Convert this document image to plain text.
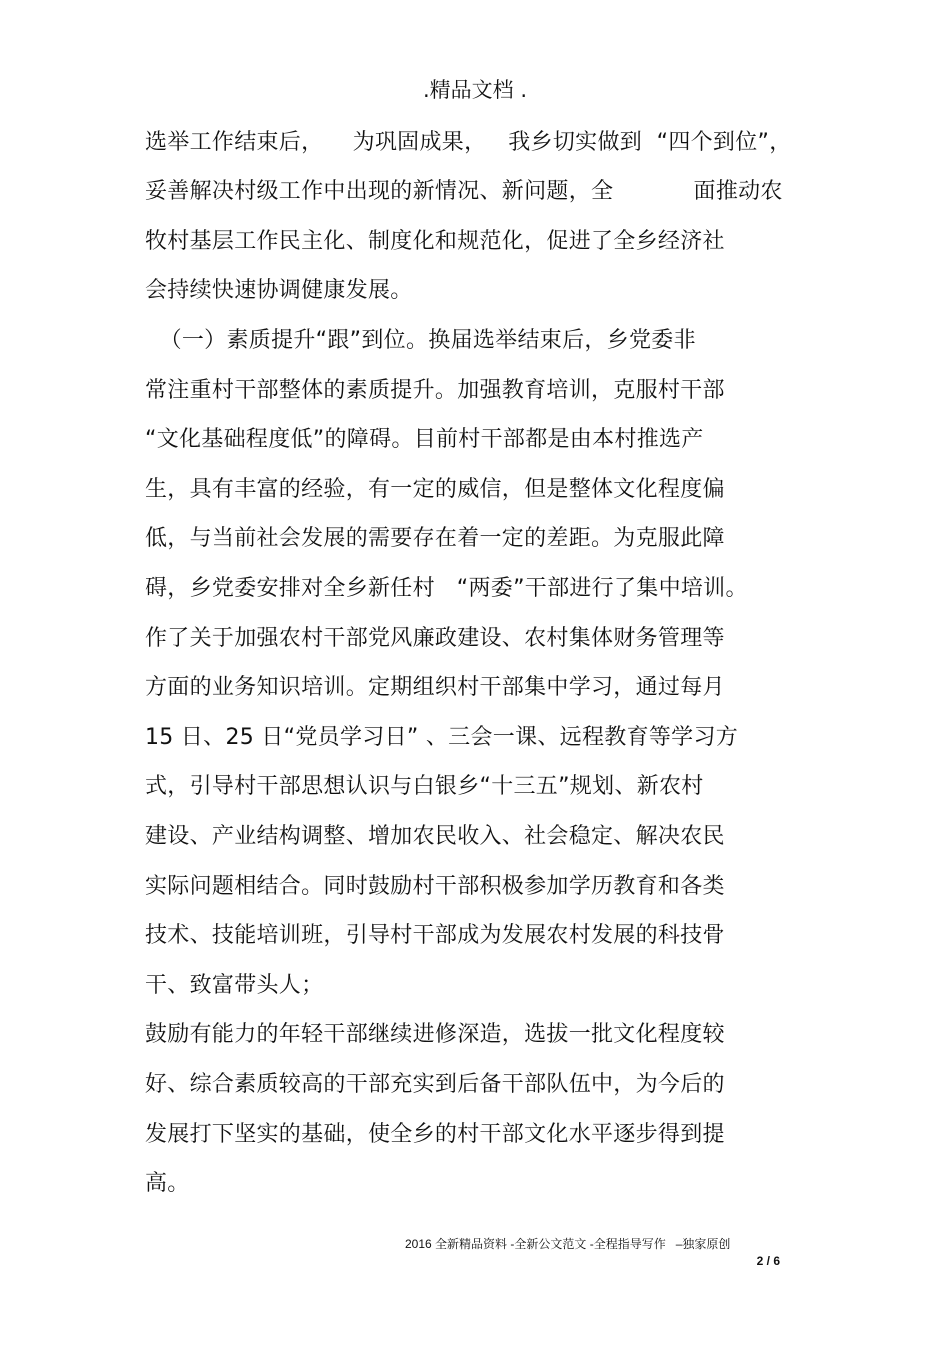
.精品文档 .
选举工作结束后，    为巩固成果，   我乡切实做到  “四个到位”，
妥善解决村级工作中出现的新情况、新问题，全           面推动农
牧村基层工作民主化、制度化和规范化，促进了全乡经济社
会持续快速协调健康发展。
（一）素质提升“跟”到位。换届选举结束后，乡党委非
常注重村干部整体的素质提升。加强教育培训，克服村干部
“文化基础程度低”的障碍。目前村干部都是由本村推选产
生，具有丰富的经验，有一定的威信，但是整体文化程度偏
低，与当前社会发展的需要存在着一定的差距。为克服此障
碍，乡党委安排对全乡新任村   “两委”干部进行了集中培训。
作了关于加强农村干部党风廉政建设、农村集体财务管理等
方面的业务知识培训。定期组织村干部集中学习，通过每月
15 日、25 日“党员学习日” 、三会一课、远程教育等学习方
式，引导村干部思想认识与白银乡“十三五”规划、新农村
建设、产业结构调整、增加农民收入、社会稳定、解决农民
实际问题相结合。同时鼓励村干部积极参加学历教育和各类
技术、技能培训班，引导村干部成为发展农村发展的科技骨
干、致富带头人；
鼓励有能力的年轻干部继续进修深造，选拔一批文化程度较
好、综合素质较高的干部充实到后备干部队伍中，为今后的
发展打下坚实的基础，使全乡的村干部文化水平逐步得到提
高。
2016 全新精品资料 -全新公文范文 -全程指导写作   –独家原创
2 / 6
